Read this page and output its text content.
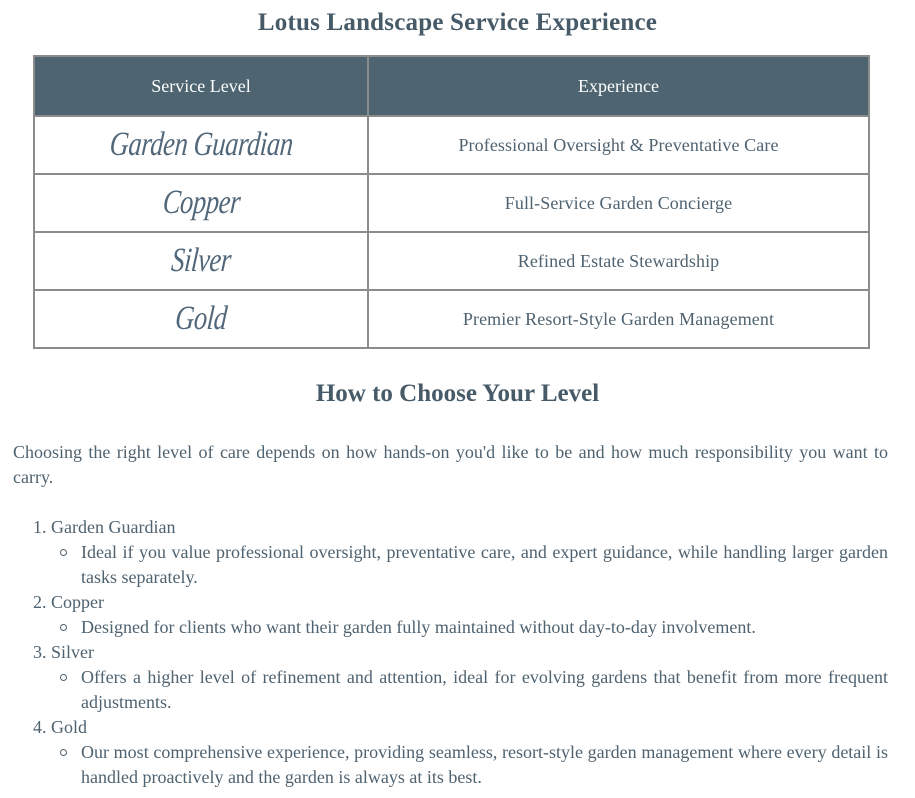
Lotus Landscape Service Experience
Service Level	Experience
Garden Guardian	Professional Oversight & Preventative Care
Copper	Full-Service Garden Concierge
Silver	Refined Estate Stewardship
Gold	Premier Resort-Style Garden Management
How to Choose Your Level

Choosing the right level of care depends on how hands-on you'd like to be and how much responsibility you want to carry.

1. Garden Guardian
Ideal if you value professional oversight, preventative care, and expert guidance, while handling larger garden tasks separately.
2. Copper
Designed for clients who want their garden fully maintained without day-to-day involvement.
3. Silver
Offers a higher level of refinement and attention, ideal for evolving gardens that benefit from more frequent adjustments.
4. Gold
Our most comprehensive experience, providing seamless, resort-style garden management where every detail is handled proactively and the garden is always at its best.
